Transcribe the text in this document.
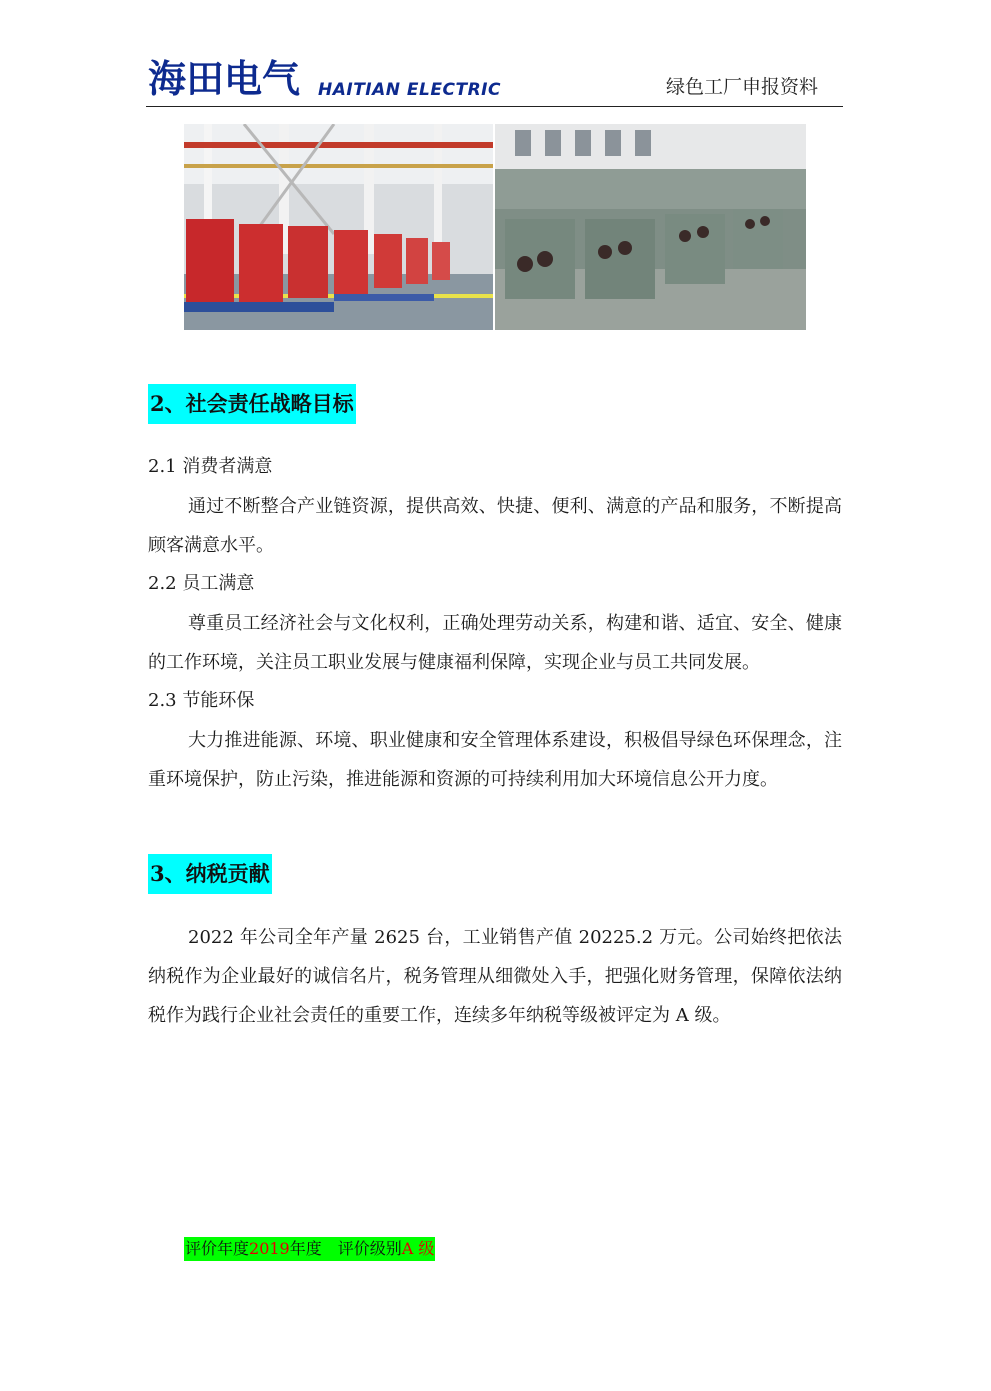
海田电气 HAITIAN ELECTRIC	绿色工厂申报资料
2、社会责任战略目标
2.1 消费者满意
通过不断整合产业链资源，提供高效、快捷、便利、满意的产品和服务，不断提高顾客满意水平。
2.2 员工满意
尊重员工经济社会与文化权利，正确处理劳动关系，构建和谐、适宜、安全、健康的工作环境，关注员工职业发展与健康福利保障，实现企业与员工共同发展。
2.3 节能环保
大力推进能源、环境、职业健康和安全管理体系建设，积极倡导绿色环保理念，注重环境保护，防止污染，推进能源和资源的可持续利用加大环境信息公开力度。
3、纳税贡献
2022 年公司全年产量 2625 台，工业销售产值 20225.2 万元。公司始终把依法纳税作为企业最好的诚信名片，税务管理从细微处入手，把强化财务管理，保障依法纳税作为践行企业社会责任的重要工作，连续多年纳税等级被评定为 A 级。
评价年度2019年度　评价级别A 级
